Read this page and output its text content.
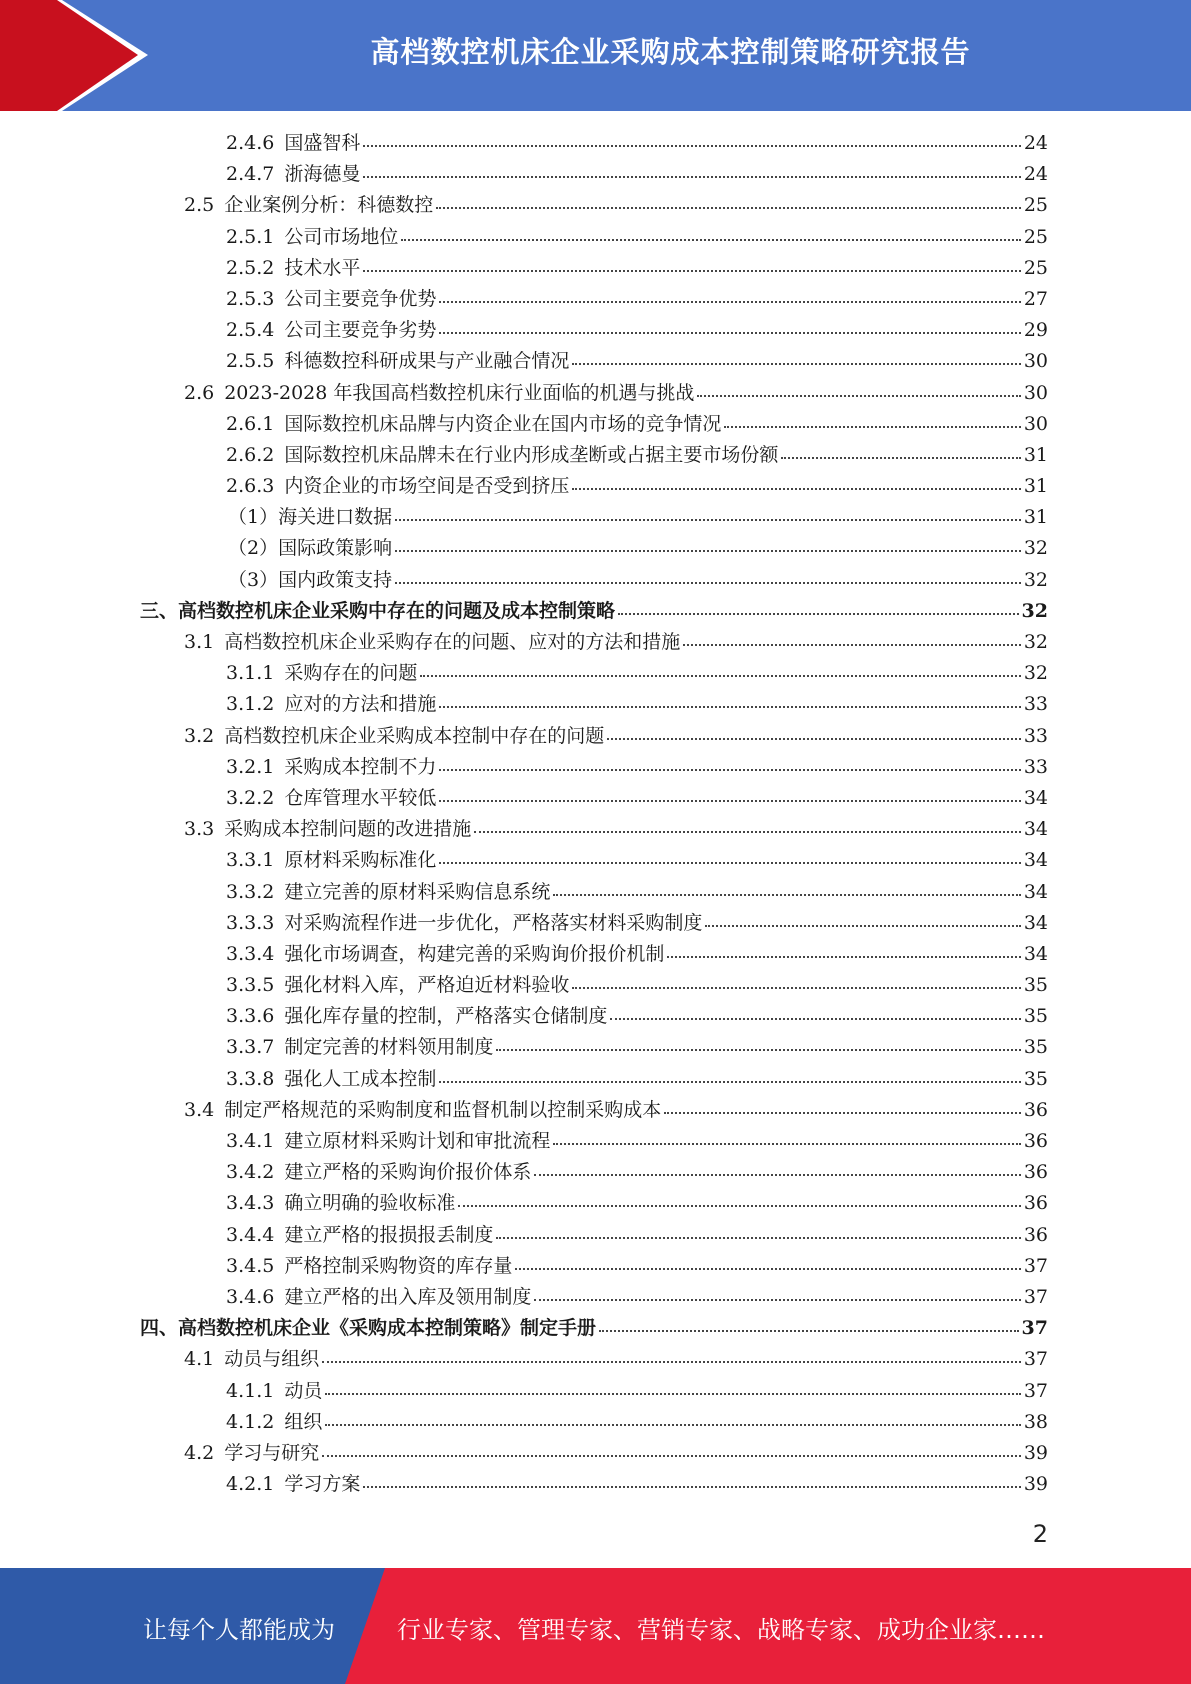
高档数控机床企业采购成本控制策略研究报告
2.4.6 国盛智科	24
2.4.7 浙海德曼	24
2.5 企业案例分析：科德数控	25
2.5.1 公司市场地位	25
2.5.2 技术水平	25
2.5.3 公司主要竞争优势	27
2.5.4 公司主要竞争劣势	29
2.5.5 科德数控科研成果与产业融合情况	30
2.6 2023-2028 年我国高档数控机床行业面临的机遇与挑战	30
2.6.1 国际数控机床品牌与内资企业在国内市场的竞争情况	30
2.6.2 国际数控机床品牌未在行业内形成垄断或占据主要市场份额	31
2.6.3 内资企业的市场空间是否受到挤压	31
（1） 海关进口数据	31
（2） 国际政策影响	32
（3） 国内政策支持	32
三、 高档数控机床企业采购中存在的问题及成本控制策略	32
3.1 高档数控机床企业采购存在的问题、应对的方法和措施	32
3.1.1 采购存在的问题	32
3.1.2 应对的方法和措施	33
3.2 高档数控机床企业采购成本控制中存在的问题	33
3.2.1 采购成本控制不力	33
3.2.2 仓库管理水平较低	34
3.3 采购成本控制问题的改进措施	34
3.3.1 原材料采购标准化	34
3.3.2 建立完善的原材料采购信息系统	34
3.3.3 对采购流程作进一步优化，严格落实材料采购制度	34
3.3.4 强化市场调查，构建完善的采购询价报价机制	34
3.3.5 强化材料入库，严格迫近材料验收	35
3.3.6 强化库存量的控制，严格落实仓储制度	35
3.3.7 制定完善的材料领用制度	35
3.3.8 强化人工成本控制	35
3.4 制定严格规范的采购制度和监督机制以控制采购成本	36
3.4.1 建立原材料采购计划和审批流程	36
3.4.2 建立严格的采购询价报价体系	36
3.4.3 确立明确的验收标准	36
3.4.4 建立严格的报损报丢制度	36
3.4.5 严格控制采购物资的库存量	37
3.4.6 建立严格的出入库及领用制度	37
四、 高档数控机床企业《采购成本控制策略》制定手册	37
4.1 动员与组织	37
4.1.1 动员	37
4.1.2 组织	38
4.2 学习与研究	39
4.2.1 学习方案	39
2
让每个人都能成为	行业专家、管理专家、营销专家、战略专家、成功企业家……
